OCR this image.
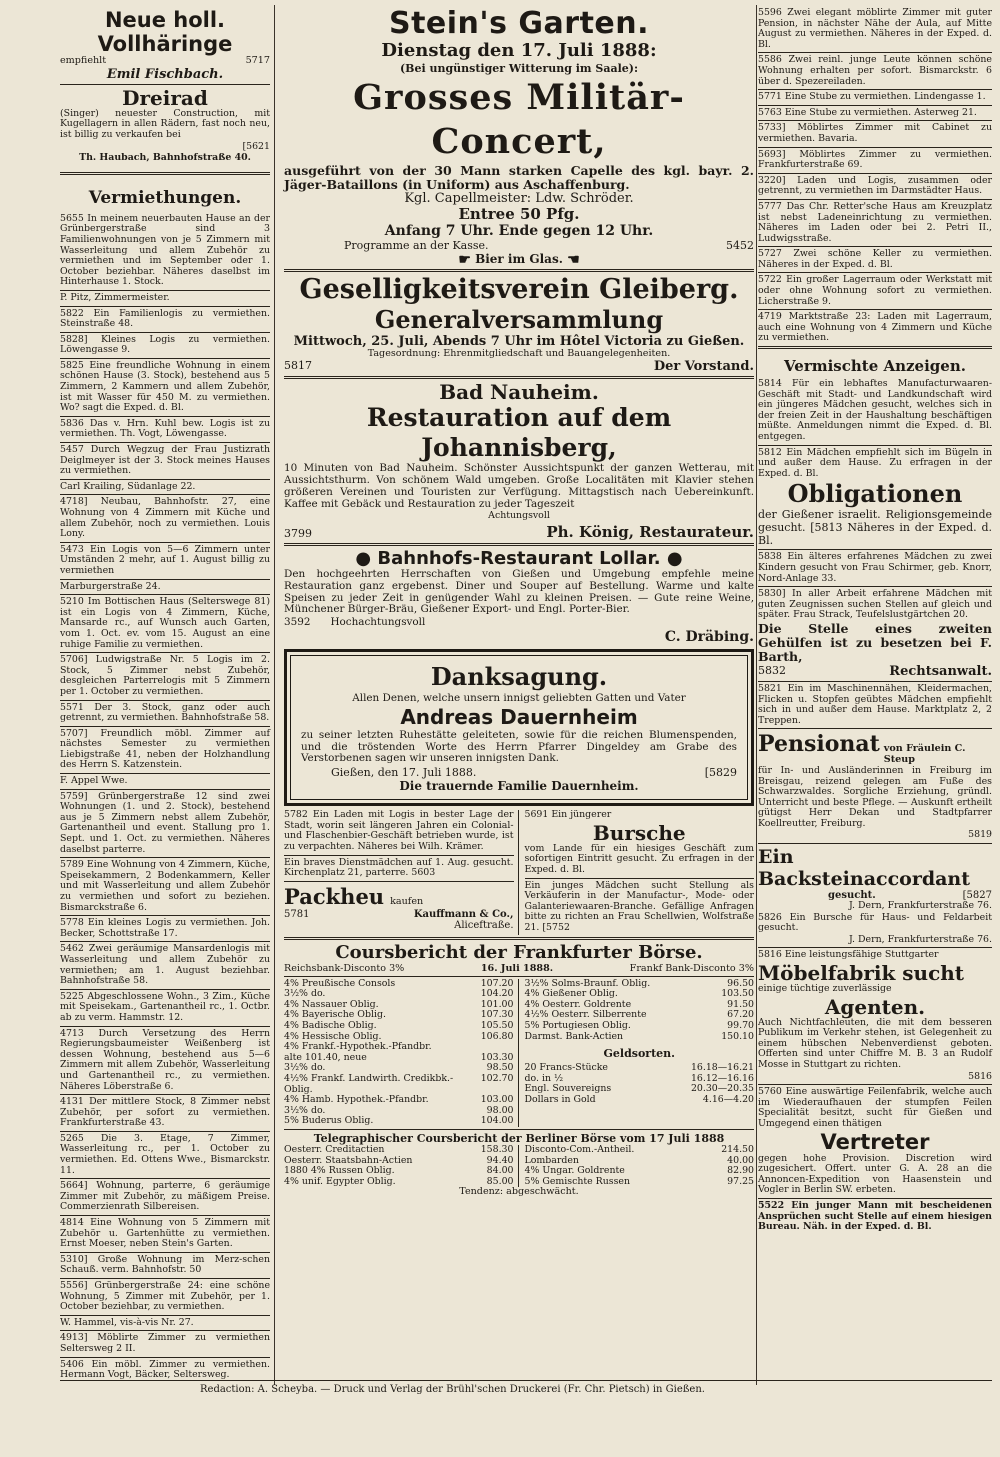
Neue holl. Vollhäringe
empfiehlt	5717
Emil Fischbach.
Dreirad
(Singer) neuester Construction, mit Kugellagern in allen Rädern, fast noch neu, ist billig zu verkaufen bei
[5621
Th. Haubach, Bahnhofstraße 40.
Vermiethungen.
5655 In meinem neuerbauten Hause an der Grünbergerstraße sind 3 Familienwohnungen von je 5 Zimmern mit Wasserleitung und allem Zubehör zu vermiethen und im September oder 1. October beziehbar. Näheres daselbst im Hinterhause 1. Stock.
P. Pitz, Zimmermeister.
5822 Ein Familienlogis zu vermiethen. Steinstraße 48.
5828] Kleines Logis zu vermiethen. Löwengasse 9.
5825 Eine freundliche Wohnung in einem schönen Hause (3. Stock), bestehend aus 5 Zimmern, 2 Kammern und allem Zubehör, ist mit Wasser für 450 M. zu vermiethen. Wo? sagt die Exped. d. Bl.
5836 Das v. Hrn. Kuhl bew. Logis ist zu vermiethen. Th. Vogt, Löwengasse.
5457 Durch Wegzug der Frau Justizrath Deiglmeyer ist der 3. Stock meines Hauses zu vermiethen.
Carl Krailing, Südanlage 22.
4718] Neubau, Bahnhofstr. 27, eine Wohnung von 4 Zimmern mit Küche und allem Zubehör, noch zu vermiethen. Louis Lony.
5473 Ein Logis von 5—6 Zimmern unter Umständen 2 mehr, auf 1. August billig zu vermiethen
Marburgerstraße 24.
5210 Im Bottischen Haus (Selterswege 81) ist ein Logis von 4 Zimmern, Küche, Mansarde rc., auf Wunsch auch Garten, vom 1. Oct. ev. vom 15. August an eine ruhige Familie zu vermiethen.
5706] Ludwigstraße Nr. 5 Logis im 2. Stock, 5 Zimmer nebst Zubehör, desgleichen Parterrelogis mit 5 Zimmern per 1. October zu vermiethen.
5571 Der 3. Stock, ganz oder auch getrennt, zu vermiethen. Bahnhofstraße 58.
5707] Freundlich möbl. Zimmer auf nächstes Semester zu vermiethen Liebigstraße 41, neben der Holzhandlung des Herrn S. Katzenstein.
F. Appel Wwe.
5759] Grünbergerstraße 12 sind zwei Wohnungen (1. und 2. Stock), bestehend aus je 5 Zimmern nebst allem Zubehör, Gartenantheil und event. Stallung pro 1. Sept. und 1. Oct. zu vermiethen. Näheres daselbst parterre.
5789 Eine Wohnung von 4 Zimmern, Küche, Speisekammern, 2 Bodenkammern, Keller und mit Wasserleitung und allem Zubehör zu vermiethen und sofort zu beziehen. Bismarckstraße 6.
5778 Ein kleines Logis zu vermiethen. Joh. Becker, Schottstraße 17.
5462 Zwei geräumige Mansardenlogis mit Wasserleitung und allem Zubehör zu vermiethen; am 1. August beziehbar. Bahnhofstraße 58.
5225 Abgeschlossene Wohn., 3 Zim., Küche mit Speisekam., Gartenantheil rc., 1. Octbr. ab zu verm. Hammstr. 12.
4713 Durch Versetzung des Herrn Regierungsbaumeister Weißenberg ist dessen Wohnung, bestehend aus 5—6 Zimmern mit allem Zubehör, Wasserleitung und Gartenantheil rc., zu vermiethen. Näheres Löberstraße 6.
4131 Der mittlere Stock, 8 Zimmer nebst Zubehör, per sofort zu vermiethen. Frankfurterstraße 43.
5265 Die 3. Etage, 7 Zimmer, Wasserleitung rc., per 1. October zu vermiethen. Ed. Ottens Wwe., Bismarckstr. 11.
5664] Wohnung, parterre, 6 geräumige Zimmer mit Zubehör, zu mäßigem Preise. Commerzienrath Silbereisen.
4814 Eine Wohnung von 5 Zimmern mit Zubehör u. Gartenhütte zu vermiethen. Ernst Moeser, neben Stein's Garten.
5310] Große Wohnung im Merz-schen Schauß. verm. Bahnhofstr. 50
5556] Grünbergerstraße 24: eine schöne Wohnung, 5 Zimmer mit Zubehör, per 1. October beziehbar, zu vermiethen.
W. Hammel, vis-à-vis Nr. 27.
4913] Möblirte Zimmer zu vermiethen Seltersweg 2 II.
5406 Ein möbl. Zimmer zu vermiethen. Hermann Vogt, Bäcker, Seltersweg.
Stein's Garten.
Dienstag den 17. Juli 1888:
(Bei ungünstiger Witterung im Saale):
Grosses Militär-Concert,
ausgeführt von der 30 Mann starken Capelle des kgl. bayr. 2. Jäger-Bataillons (in Uniform) aus Aschaffenburg.
Kgl. Capellmeister: Ldw. Schröder.
Entree 50 Pfg.
Anfang 7 Uhr. Ende gegen 12 Uhr.
Programme an der Kasse.	5452
☛ Bier im Glas. ☚
Geselligkeitsverein Gleiberg.
Generalversammlung
Mittwoch, 25. Juli, Abends 7 Uhr im Hôtel Victoria zu Gießen.
Tagesordnung: Ehrenmitgliedschaft und Bauangelegenheiten.
5817	Der Vorstand.
Bad Nauheim.
Restauration auf dem Johannisberg,
10 Minuten von Bad Nauheim. Schönster Aussichtspunkt der ganzen Wetterau, mit Aussichtsthurm. Von schönem Wald umgeben. Große Localitäten mit Klavier stehen größeren Vereinen und Touristen zur Verfügung. Mittagstisch nach Uebereinkunft. Kaffee mit Gebäck und Restauration zu jeder Tageszeit
Achtungsvoll
3799	Ph. König, Restaurateur.
● Bahnhofs-Restaurant Lollar. ●
Den hochgeehrten Herrschaften von Gießen und Umgebung empfehle meine Restauration ganz ergebenst. Diner und Souper auf Bestellung. Warme und kalte Speisen zu jeder Zeit in genügender Wahl zu kleinen Preisen. — Gute reine Weine, Münchener Bürger-Bräu, Gießener Export- und Engl. Porter-Bier.
3592 Hochachtungsvoll
C. Dräbing.
Danksagung.
Allen Denen, welche unsern innigst geliebten Gatten und Vater
Andreas Dauernheim
zu seiner letzten Ruhestätte geleiteten, sowie für die reichen Blumenspenden, und die tröstenden Worte des Herrn Pfarrer Dingeldey am Grabe des Verstorbenen sagen wir unseren innigsten Dank.
Gießen, den 17. Juli 1888.	[5829
Die trauernde Familie Dauernheim.
5782 Ein Laden mit Logis in bester Lage der Stadt, worin seit längeren Jahren ein Colonial- und Flaschenbier-Geschäft betrieben wurde, ist zu verpachten. Näheres bei Wilh. Krämer.
Ein braves Dienstmädchen auf 1. Aug. gesucht. Kirchenplatz 21, parterre. 5603
Packheu kaufen
5781	Kauffmann & Co.,
Aliceftraße.
5691 Ein jüngerer
Bursche
vom Lande für ein hiesiges Geschäft zum sofortigen Eintritt gesucht. Zu erfragen in der Exped. d. Bl.
Ein junges Mädchen sucht Stellung als Verkäuferin in der Manufactur-, Mode- oder Galanteriewaaren-Branche. Gefällige Anfragen bitte zu richten an Frau Schellwien, Wolfstraße 21. [5752
Coursbericht der Frankfurter Börse.
Reichsbank-Disconto 3%	16. Juli 1888.	Frankf Bank-Disconto 3%
4% Preußische Consols	107.20
3½% do.	104.20
4% Nassauer Oblig.	101.00
4% Bayerische Oblig.	107.30
4% Badische Oblig.	105.50
4% Hessische Oblig.	106.80
4% Frankf.-Hypothek.-Pfandbr.	
alte 101.40, neue	103.30
3½% do.	98.50
4½% Frankf. Landwirth. Credikbk.-Oblig.	102.70
4% Hamb. Hypothek.-Pfandbr.	103.00
3½% do.	98.00
5% Buderus Oblig.	104.00
3½% Solms-Braunf. Oblig.	96.50
4% Gießener Oblig.	103.50
4% Oesterr. Goldrente	91.50
4½% Oesterr. Silberrente	67.20
5% Portugiesen Oblig.	99.70
Darmst. Bank-Actien	150.10
Geldsorten.
20 Francs-Stücke	16.18—16.21
do. in ½	16.12—16.16
Engl. Souvereigns	20.30—20.35
Dollars in Gold	4.16—4.20
Telegraphischer Coursbericht der Berliner Börse vom 17 Juli 1888
Oesterr. Creditactien	158.30
Oesterr. Staatsbahn-Actien	94.40
1880 4% Russen Oblig.	84.00
4% unif. Egypter Oblig.	85.00
Disconto-Com.-Antheil.	214.50
Lombarden	40.00
4% Ungar. Goldrente	82.90
5% Gemischte Russen	97.25
Tendenz: abgeschwächt.
5596 Zwei elegant möblirte Zimmer mit guter Pension, in nächster Nähe der Aula, auf Mitte August zu vermiethen. Näheres in der Exped. d. Bl.
5586 Zwei reinl. junge Leute können schöne Wohnung erhalten per sofort. Bismarckstr. 6 über d. Spezereiladen.
5771 Eine Stube zu vermiethen. Lindengasse 1.
5763 Eine Stube zu vermiethen. Asterweg 21.
5733] Möblirtes Zimmer mit Cabinet zu vermiethen. Bavaria.
5693] Möblirtes Zimmer zu vermiethen. Frankfurterstraße 69.
3220] Laden und Logis, zusammen oder getrennt, zu vermiethen im Darmstädter Haus.
5777 Das Chr. Retter'sche Haus am Kreuzplatz ist nebst Ladeneinrichtung zu vermiethen. Näheres im Laden oder bei 2. Petri II., Ludwigsstraße.
5727 Zwei schöne Keller zu vermiethen. Näheres in der Exped. d. Bl.
5722 Ein großer Lagerraum oder Werkstatt mit oder ohne Wohnung sofort zu vermiethen. Licherstraße 9.
4719 Marktstraße 23: Laden mit Lagerraum, auch eine Wohnung von 4 Zimmern und Küche zu vermiethen.
Vermischte Anzeigen.
5814 Für ein lebhaftes Manufacturwaaren-Geschäft mit Stadt- und Landkundschaft wird ein jüngeres Mädchen gesucht, welches sich in der freien Zeit in der Haushaltung beschäftigen müßte. Anmeldungen nimmt die Exped. d. Bl. entgegen.
5812 Ein Mädchen empfiehlt sich im Bügeln in und außer dem Hause. Zu erfragen in der Exped. d. Bl.
Obligationen
der Gießener israelit. Religionsgemeinde gesucht. [5813 Näheres in der Exped. d. Bl.
5838 Ein älteres erfahrenes Mädchen zu zwei Kindern gesucht von Frau Schirmer, geb. Knorr, Nord-Anlage 33.
5830] In aller Arbeit erfahrene Mädchen mit guten Zeugnissen suchen Stellen auf gleich und später. Frau Strack, Teufelslustgärtchen 20.
Die Stelle eines zweiten Gehülfen ist zu besetzen bei F. Barth,
5832	Rechtsanwalt.
5821 Ein im Maschinennähen, Kleidermachen, Flicken u. Stopfen geübtes Mädchen empfiehlt sich in und außer dem Hause. Marktplatz 2, 2 Treppen.
Pensionat von Fräulein C. Steup
für In- und Ausländerinnen in Freiburg im Breisgau, reizend gelegen am Fuße des Schwarzwaldes. Sorgliche Erziehung, gründl. Unterricht und beste Pflege. — Auskunft ertheilt gütigst Herr Dekan und Stadtpfarrer Koellreutter, Freiburg.
5819
Ein Backsteinaccordant
gesucht.	[5827
J. Dern, Frankfurterstraße 76.
5826 Ein Bursche für Haus- und Feldarbeit gesucht.
J. Dern, Frankfurterstraße 76.
5816 Eine leistungsfähige Stuttgarter
Möbelfabrik sucht
einige tüchtige zuverlässige
Agenten.
Auch Nichtfachleuten, die mit dem besseren Publikum im Verkehr stehen, ist Gelegenheit zu einem hübschen Nebenverdienst geboten. Offerten sind unter Chiffre M. B. 3 an Rudolf Mosse in Stuttgart zu richten.
5816
5760 Eine auswärtige Feilenfabrik, welche auch im Wiederaufhauen der stumpfen Feilen Specialität besitzt, sucht für Gießen und Umgegend einen thätigen
Vertreter
gegen hohe Provision. Discretion wird zugesichert. Offert. unter G. A. 28 an die Annoncen-Expedition von Haasenstein und Vogler in Berlin SW. erbeten.
5522 Ein junger Mann mit bescheidenen Ansprüchen sucht Stelle auf einem hiesigen Bureau. Näh. in der Exped. d. Bl.
Redaction: A. Scheyba. — Druck und Verlag der Brühl'schen Druckerei (Fr. Chr. Pietsch) in Gießen.
